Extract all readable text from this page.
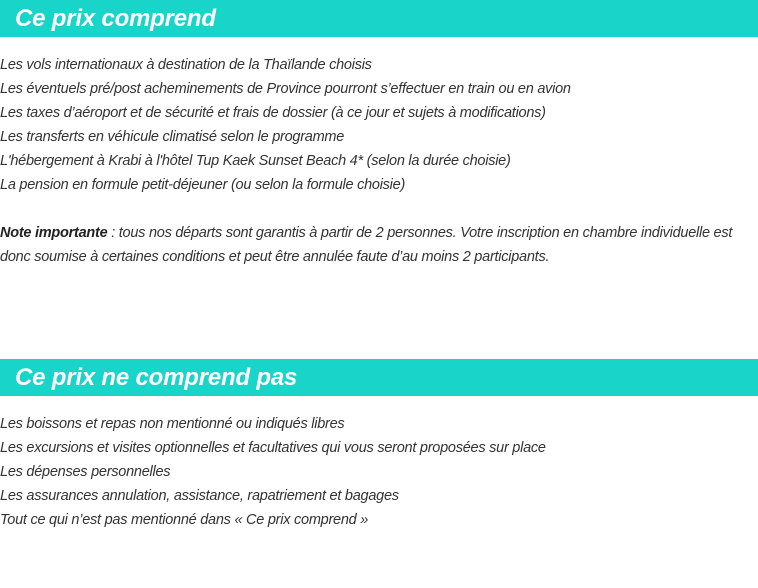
Ce prix comprend
Les vols internationaux à destination de la Thaïlande choisis
Les éventuels pré/post acheminements de Province pourront s’effectuer en train ou en avion
Les taxes d’aéroport et de sécurité et frais de dossier (à ce jour et sujets à modifications)
Les transferts en véhicule climatisé selon le programme
L'hébergement à Krabi à l'hôtel Tup Kaek Sunset Beach 4* (selon la durée choisie)
La pension en formule petit-déjeuner (ou selon la formule choisie)

Note importante : tous nos départs sont garantis à partir de 2 personnes. Votre inscription en chambre individuelle est donc soumise à certaines conditions et peut être annulée faute d’au moins 2 participants.

Ce prix ne comprend pas
Les boissons et repas non mentionné ou indiqués libres
Les excursions et visites optionnelles et facultatives qui vous seront proposées sur place
Les dépenses personnelles
Les assurances annulation, assistance, rapatriement et bagages
Tout ce qui n’est pas mentionné dans « Ce prix comprend »
